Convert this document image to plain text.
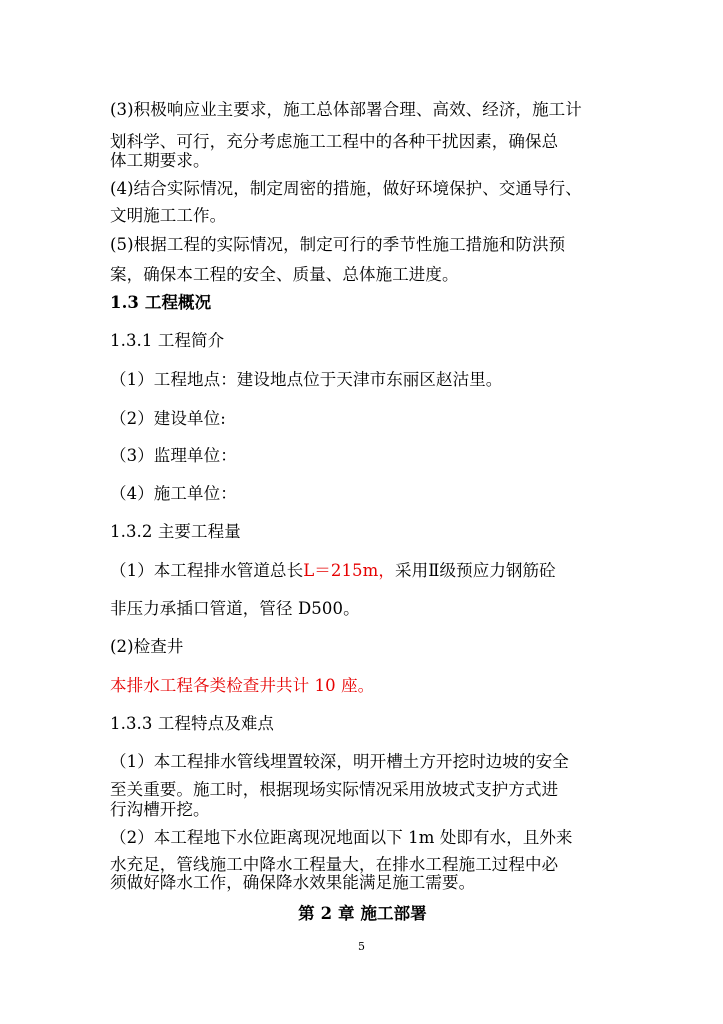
(3)积极响应业主要求，施工总体部署合理、高效、经济，施工计
划科学、可行，充分考虑施工工程中的各种干扰因素，确保总
体工期要求。
(4)结合实际情况，制定周密的措施，做好环境保护、交通导行、
文明施工工作。
(5)根据工程的实际情况，制定可行的季节性施工措施和防洪预
案，确保本工程的安全、质量、总体施工进度。
1.3 工程概况
1.3.1 工程简介
（1）工程地点：建设地点位于天津市东丽区赵沽里。
（2）建设单位:
（3）监理单位：
（4）施工单位：
1.3.2 主要工程量
（1）本工程排水管道总长L＝215m，采用Ⅱ级预应力钢筋砼
非压力承插口管道，管径 D500。
(2)检查井
本排水工程各类检查井共计 10 座。
1.3.3 工程特点及难点
（1）本工程排水管线埋置较深，明开槽土方开挖时边坡的安全
至关重要。施工时，根据现场实际情况采用放坡式支护方式进
行沟槽开挖。
（2）本工程地下水位距离现况地面以下 1m 处即有水，且外来
水充足，管线施工中降水工程量大，在排水工程施工过程中必
须做好降水工作，确保降水效果能满足施工需要。
第 2 章 施工部署
5
